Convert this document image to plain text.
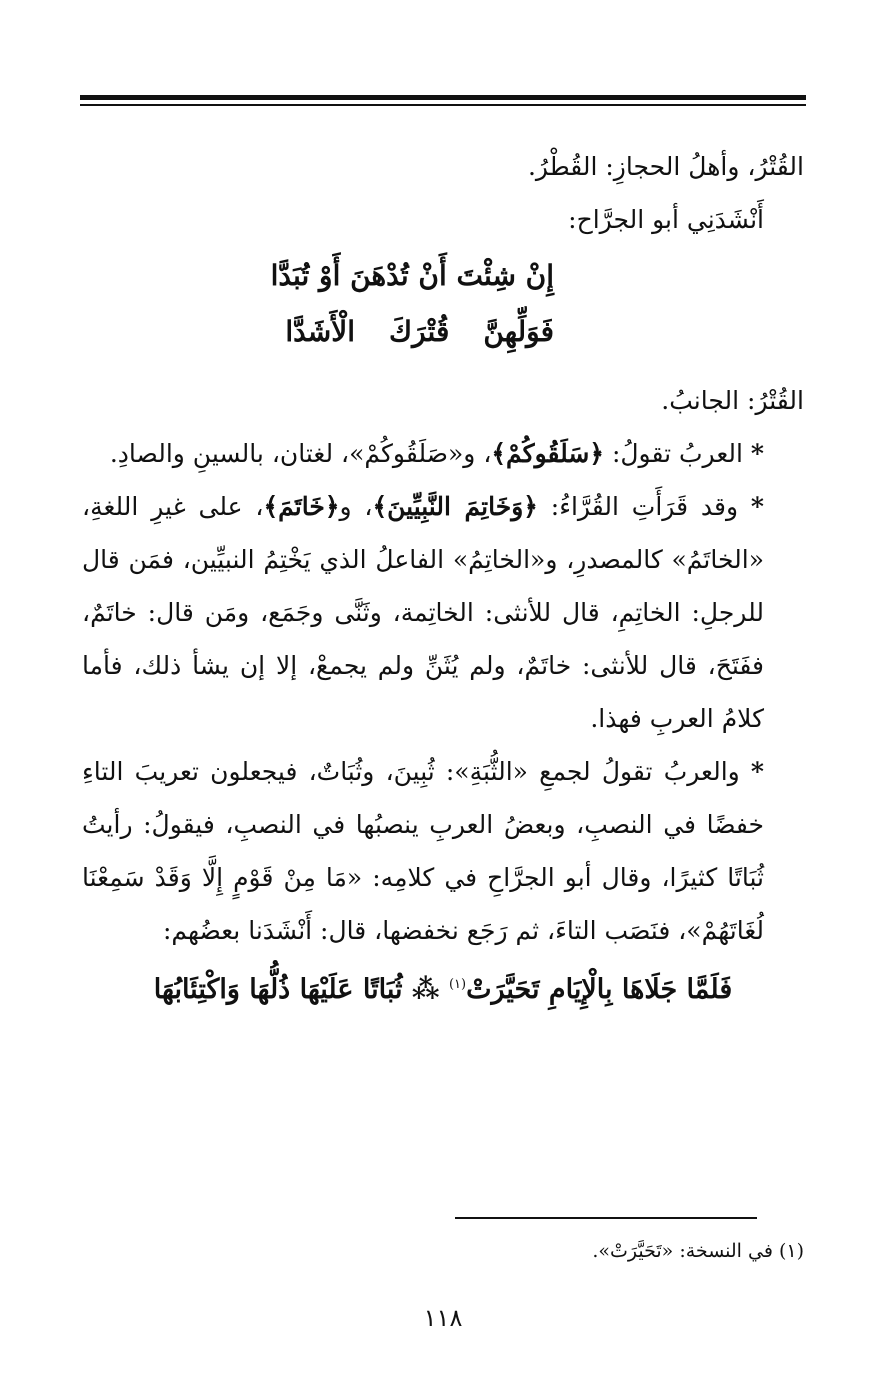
القُتْرُ، وأهلُ الحجازِ: القُطْرُ.

أَنْشَدَنِي أبو الجرَّاح:

إِنْ شِئْتَ أَنْ تُدْهَنَ أَوْ تُبَدَّا
فَوَلِّهِنَّقُتْرَكَالْأَشَدَّا

القُتْرُ: الجانبُ.

* العربُ تقولُ: ﴿سَلَقُوكُمْ﴾، و«صَلَقُوكُمْ»، لغتان، بالسينِ والصادِ.

* وقد قَرَأَتِ القُرَّاءُ: ﴿وَخَاتِمَ النَّبِيِّينَ﴾، و﴿خَاتَمَ﴾، على غيرِ اللغةِ، «الخاتَمُ» كالمصدرِ، و«الخاتِمُ» الفاعلُ الذي يَخْتِمُ النبيِّين، فمَن قال للرجلِ: الخاتِمِ، قال للأنثى: الخاتِمة، وثَنَّى وجَمَع، ومَن قال: خاتَمٌ، ففَتَحَ، قال للأنثى: خاتَمٌ، ولم يُثَنِّ ولم يجمعْ، إلا إن يشأ ذلك، فأما كلامُ العربِ فهذا.

* والعربُ تقولُ لجمعِ «الثُّبَةِ»: ثُبِينَ، وثُبَاتٌ، فيجعلون تعريبَ التاءِ خفضًا في النصبِ، وبعضُ العربِ ينصبُها في النصبِ، فيقولُ: رأيتُ ثُبَاتًا كثيرًا، وقال أبو الجرَّاحِ في كلامِه: «مَا مِنْ قَوْمٍ إِلَّا وَقَدْ سَمِعْنَا لُغَاتَهُمْ»، فنَصَب التاءَ، ثم رَجَع نخفضها، قال: أَنْشَدَنا بعضُهم:

فَلَمَّا جَلَاهَا بِالْإِيَامِ تَحَيَّرَتْ$^{(١)}$ ⁂ ثُبَاتًا عَلَيْهَا ذُلُّهَا وَاكْتِئَابُهَا
(١) في النسخة: «تَحَيَّرَتْ».
١١٨
